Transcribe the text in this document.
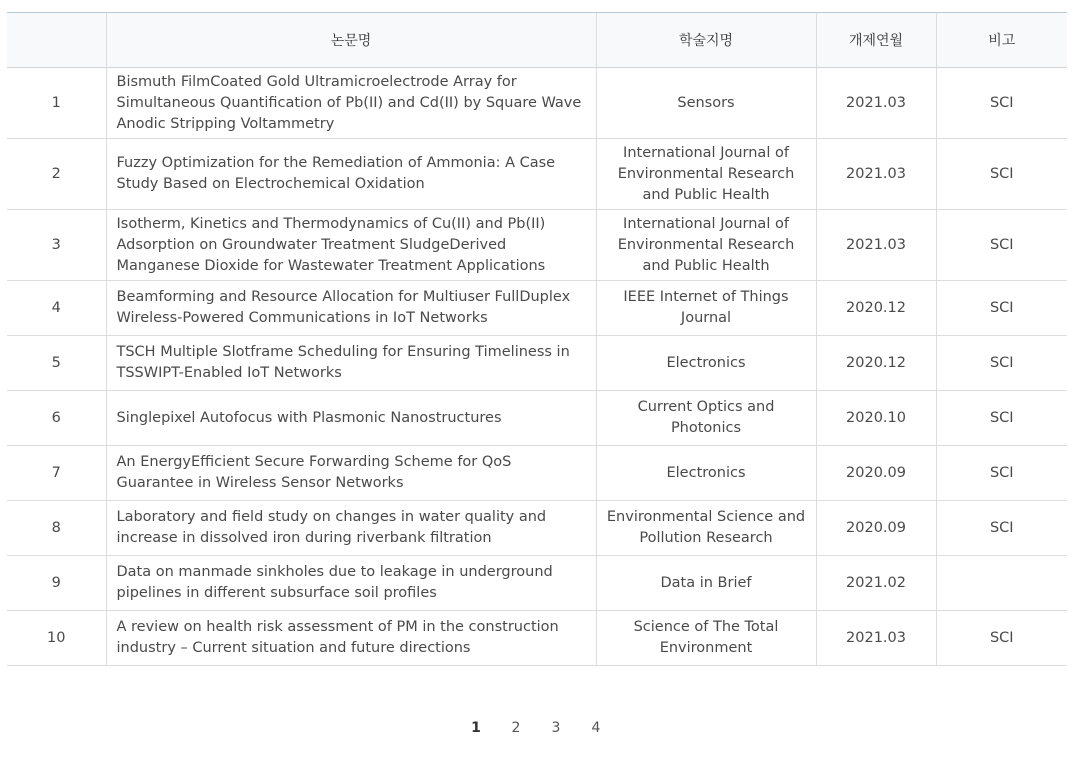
	논문명	학술지명	개제연월	비고
1	Bismuth FilmCoated Gold Ultramicroelectrode Array for Simultaneous Quantification of Pb(II) and Cd(II) by Square Wave Anodic Stripping Voltammetry	Sensors	2021.03	SCI
2	Fuzzy Optimization for the Remediation of Ammonia: A Case Study Based on Electrochemical Oxidation	International Journal of Environmental Research and Public Health	2021.03	SCI
3	Isotherm, Kinetics and Thermodynamics of Cu(II) and Pb(II) Adsorption on Groundwater Treatment SludgeDerived Manganese Dioxide for Wastewater Treatment Applications	International Journal of Environmental Research and Public Health	2021.03	SCI
4	Beamforming and Resource Allocation for Multiuser FullDuplex Wireless-Powered Communications in IoT Networks	IEEE Internet of Things Journal	2020.12	SCI
5	TSCH Multiple Slotframe Scheduling for Ensuring Timeliness in TSSWIPT-Enabled IoT Networks	Electronics	2020.12	SCI
6	Singlepixel Autofocus with Plasmonic Nanostructures	Current Optics and Photonics	2020.10	SCI
7	An EnergyEfficient Secure Forwarding Scheme for QoS Guarantee in Wireless Sensor Networks	Electronics	2020.09	SCI
8	Laboratory and field study on changes in water quality and increase in dissolved iron during riverbank filtration	Environmental Science and Pollution Research	2020.09	SCI
9	Data on manmade sinkholes due to leakage in underground pipelines in different subsurface soil profiles	Data in Brief	2021.02	
10	A review on health risk assessment of PM in the construction industry – Current situation and future directions	Science of The Total Environment	2021.03	SCI
1	2	3	4
